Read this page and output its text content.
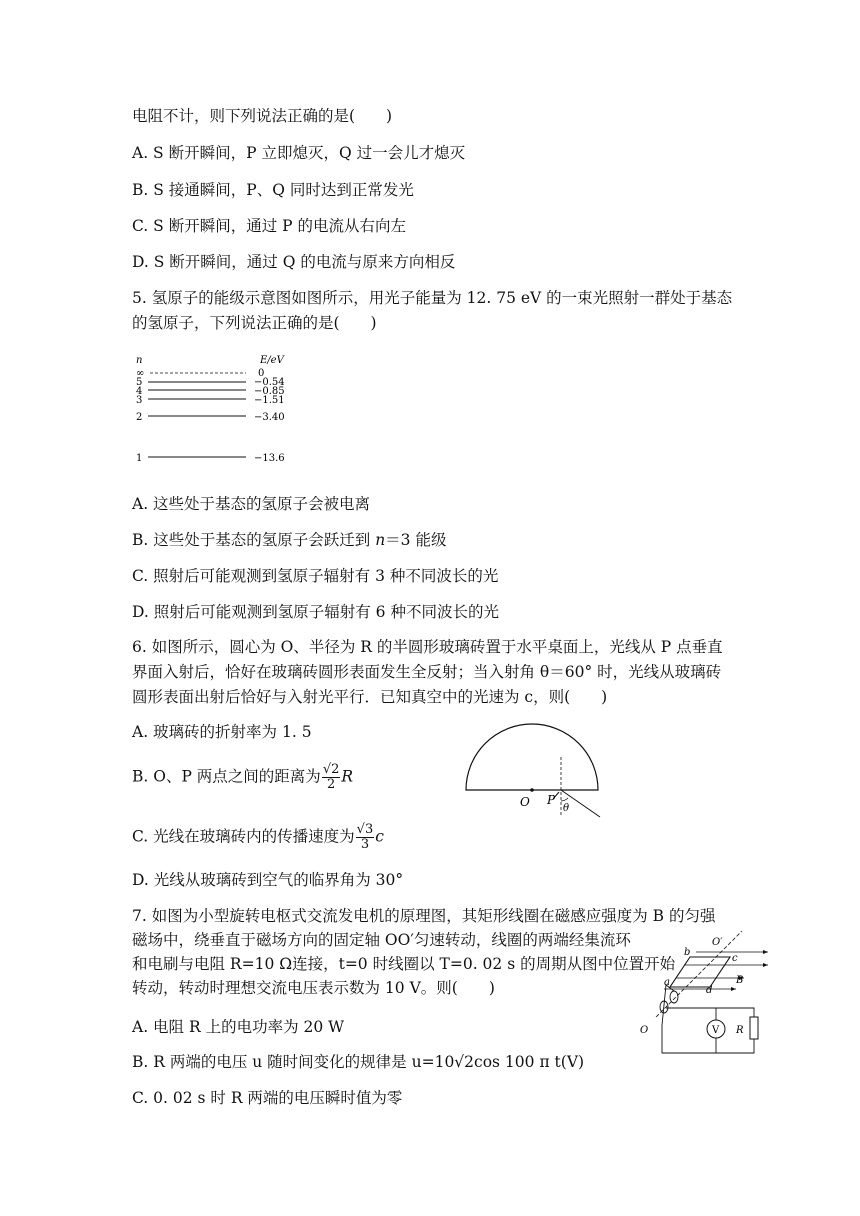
电阻不计，则下列说法正确的是(　　)
A. S 断开瞬间，P 立即熄灭，Q 过一会儿才熄灭
B. S 接通瞬间，P、Q 同时达到正常发光
C. S 断开瞬间，通过 P 的电流从右向左
D. S 断开瞬间，通过 Q 的电流与原来方向相反
5. 氢原子的能级示意图如图所示，用光子能量为 12. 75 eV 的一束光照射一群处于基态
的氢原子，下列说法正确的是(　　)
n	E/eV
∞	0
5	−0.54
4	−0.85
3	−1.51
2	−3.40
1	−13.6
A. 这些处于基态的氢原子会被电离
B. 这些处于基态的氢原子会跃迁到 n＝3 能级
C. 照射后可能观测到氢原子辐射有 3 种不同波长的光
D. 照射后可能观测到氢原子辐射有 6 种不同波长的光
6. 如图所示，圆心为 O、半径为 R 的半圆形玻璃砖置于水平桌面上，光线从 P 点垂直
界面入射后，恰好在玻璃砖圆形表面发生全反射；当入射角 θ＝60° 时，光线从玻璃砖
圆形表面出射后恰好与入射光平行．已知真空中的光速为 c，则(　　)
A. 玻璃砖的折射率为 1. 5
B. O、P 两点之间的距离为 $\frac{√2}{2}$ R
C. 光线在玻璃砖内的传播速度为 $\frac{√3}{3}$ c
D. 光线从玻璃砖到空气的临界角为 30°
O P
θ
7. 如图为小型旋转电枢式交流发电机的原理图，其矩形线圈在磁感应强度为 B 的匀强
磁场中，绕垂直于磁场方向的固定轴 OO′匀速转动，线圈的两端经集流环
和电刷与电阻 R=10 Ω连接，t=0 时线圈以 T=0. 02 s 的周期从图中位置开始
转动，转动时理想交流电压表示数为 10 V。则(　　)
A. 电阻 R 上的电功率为 20 W
B. R 两端的电压 u 随时间变化的规律是 u=10√2cos 100 π t(V)
C. 0. 02 s 时 R 两端的电压瞬时值为零
O′
O
b
c
a
d
B
V R
